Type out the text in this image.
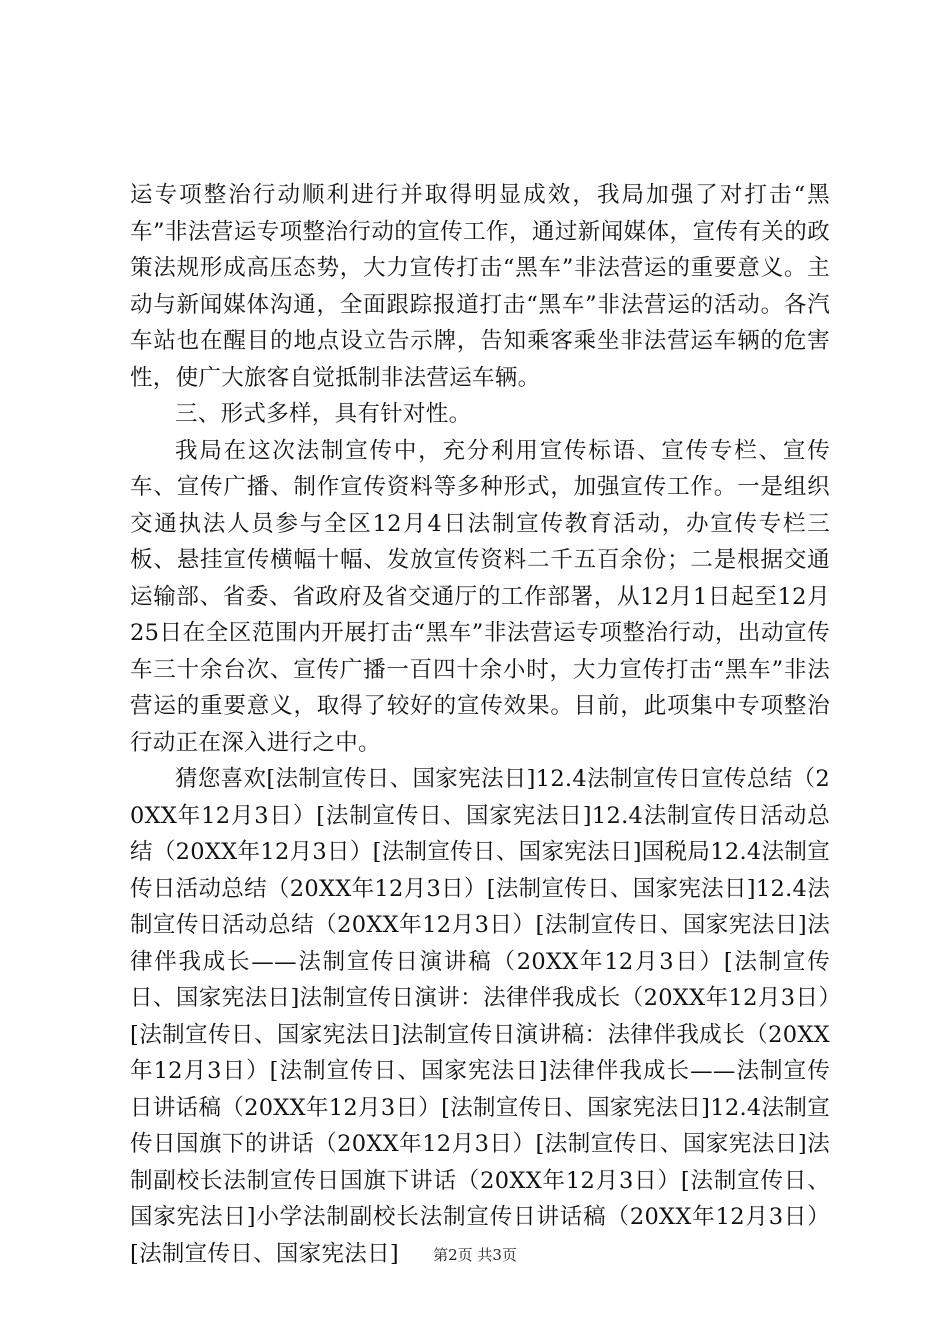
运专项整治行动顺利进行并取得明显成效，我局加强了对打击“黑车”非法营运专项整治行动的宣传工作，通过新闻媒体，宣传有关的政策法规形成高压态势，大力宣传打击“黑车”非法营运的重要意义。主动与新闻媒体沟通，全面跟踪报道打击“黑车”非法营运的活动。各汽车站也在醒目的地点设立告示牌，告知乘客乘坐非法营运车辆的危害性，使广大旅客自觉抵制非法营运车辆。

三、形式多样，具有针对性。

我局在这次法制宣传中，充分利用宣传标语、宣传专栏、宣传车、宣传广播、制作宣传资料等多种形式，加强宣传工作。一是组织交通执法人员参与全区12月4日法制宣传教育活动，办宣传专栏三板、悬挂宣传横幅十幅、发放宣传资料二千五百余份；二是根据交通运输部、省委、省政府及省交通厅的工作部署，从12月1日起至12月25日在全区范围内开展打击“黑车”非法营运专项整治行动，出动宣传车三十余台次、宣传广播一百四十余小时，大力宣传打击“黑车”非法营运的重要意义，取得了较好的宣传效果。目前，此项集中专项整治行动正在深入进行之中。

猜您喜欢[法制宣传日、国家宪法日]12.4法制宣传日宣传总结（20XX年12月3日）[法制宣传日、国家宪法日]12.4法制宣传日活动总结（20XX年12月3日）[法制宣传日、国家宪法日]国税局12.4法制宣传日活动总结（20XX年12月3日）[法制宣传日、国家宪法日]12.4法制宣传日活动总结（20XX年12月3日）[法制宣传日、国家宪法日]法律伴我成长——法制宣传日演讲稿（20XX年12月3日）[法制宣传日、国家宪法日]法制宣传日演讲：法律伴我成长（20XX年12月3日）[法制宣传日、国家宪法日]法制宣传日演讲稿：法律伴我成长（20XX年12月3日）[法制宣传日、国家宪法日]法律伴我成长——法制宣传日讲话稿（20XX年12月3日）[法制宣传日、国家宪法日]12.4法制宣传日国旗下的讲话（20XX年12月3日）[法制宣传日、国家宪法日]法制副校长法制宣传日国旗下讲话（20XX年12月3日）[法制宣传日、国家宪法日]小学法制副校长法制宣传日讲话稿（20XX年12月3日）[法制宣传日、国家宪法日]	第2页 共3页
